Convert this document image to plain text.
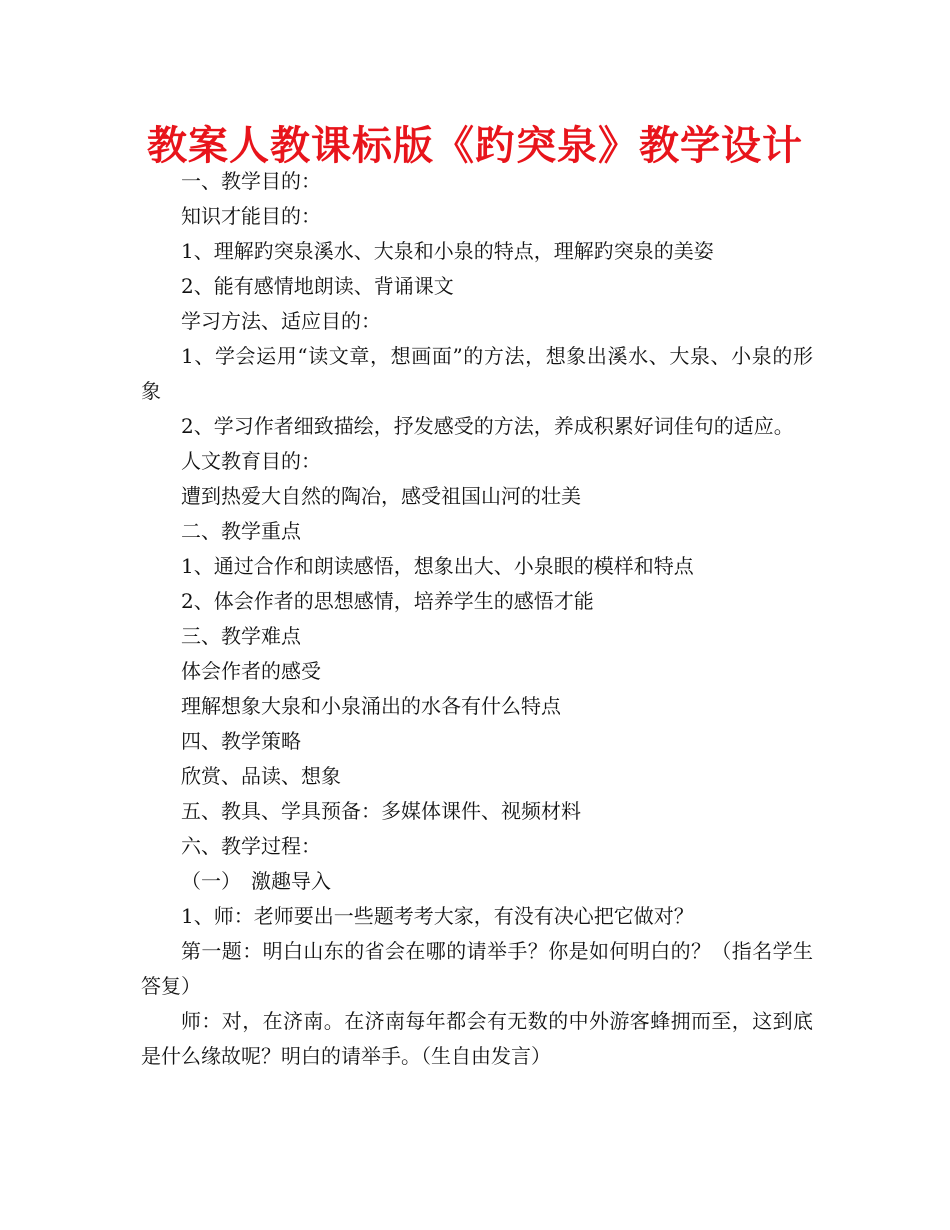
教案人教课标版《趵突泉》教学设计

一、教学目的：

知识才能目的：

1、理解趵突泉溪水、大泉和小泉的特点，理解趵突泉的美姿

2、能有感情地朗读、背诵课文

学习方法、适应目的：

1、学会运用“读文章，想画面”的方法，想象出溪水、大泉、小泉的形象

2、学习作者细致描绘，抒发感受的方法，养成积累好词佳句的适应。

人文教育目的：

遭到热爱大自然的陶冶，感受祖国山河的壮美

二、教学重点

1、通过合作和朗读感悟，想象出大、小泉眼的模样和特点

2、体会作者的思想感情，培养学生的感悟才能

三、教学难点

体会作者的感受

理解想象大泉和小泉涌出的水各有什么特点

四、教学策略

欣赏、品读、想象

五、教具、学具预备：多媒体课件、视频材料

六、教学过程：

（一）　激趣导入

1、师：老师要出一些题考考大家，有没有决心把它做对？

第一题：明白山东的省会在哪的请举手？你是如何明白的？（指名学生答复）

师：对，在济南。在济南每年都会有无数的中外游客蜂拥而至，这到底是什么缘故呢？明白的请举手。（生自由发言）
